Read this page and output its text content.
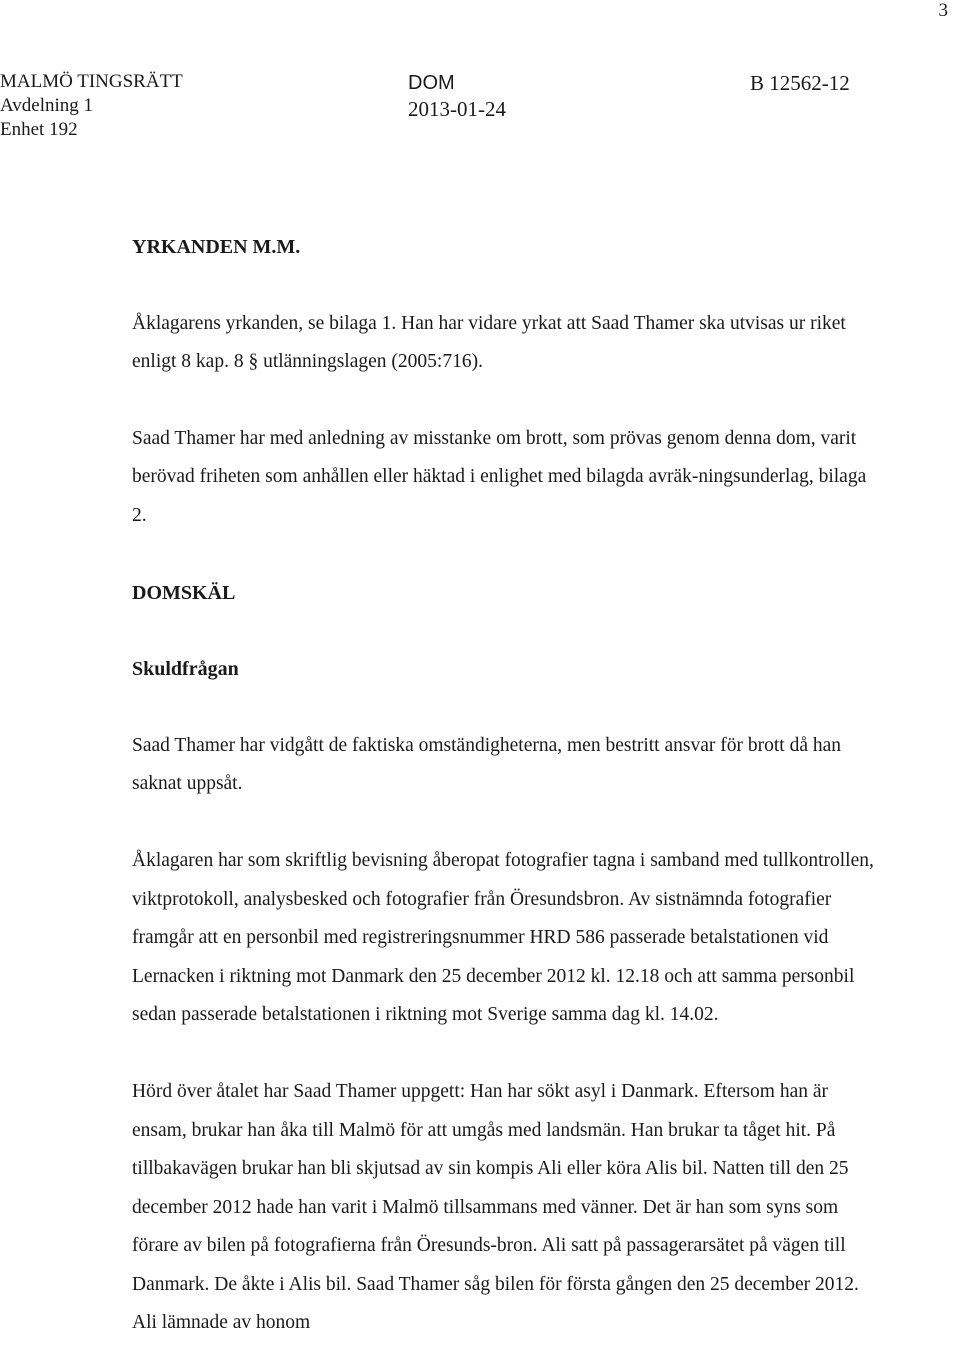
3
MALMÖ TINGSRÄTT
Avdelning 1
Enhet 192
DOM
2013-01-24
B 12562-12

YRKANDEN M.M.

Åklagarens yrkanden, se bilaga 1. Han har vidare yrkat att Saad Thamer ska utvisas ur riket enligt 8 kap. 8 § utlänningslagen (2005:716).

Saad Thamer har med anledning av misstanke om brott, som prövas genom denna dom, varit berövad friheten som anhållen eller häktad i enlighet med bilagda avräk-ningsunderlag, bilaga 2.

DOMSKÄL

Skuldfrågan

Saad Thamer har vidgått de faktiska omständigheterna, men bestritt ansvar för brott då han saknat uppsåt.

Åklagaren har som skriftlig bevisning åberopat fotografier tagna i samband med tullkontrollen, viktprotokoll, analysbesked och fotografier från Öresundsbron. Av sistnämnda fotografier framgår att en personbil med registreringsnummer HRD 586 passerade betalstationen vid Lernacken i riktning mot Danmark den 25 december 2012 kl. 12.18 och att samma personbil sedan passerade betalstationen i riktning mot Sverige samma dag kl. 14.02.

Hörd över åtalet har Saad Thamer uppgett: Han har sökt asyl i Danmark. Eftersom han är ensam, brukar han åka till Malmö för att umgås med landsmän. Han brukar ta tåget hit. På tillbakavägen brukar han bli skjutsad av sin kompis Ali eller köra Alis bil. Natten till den 25 december 2012 hade han varit i Malmö tillsammans med vänner. Det är han som syns som förare av bilen på fotografierna från Öresunds-bron. Ali satt på passagerarsätet på vägen till Danmark. De åkte i Alis bil. Saad Thamer såg bilen för första gången den 25 december 2012. Ali lämnade av honom
